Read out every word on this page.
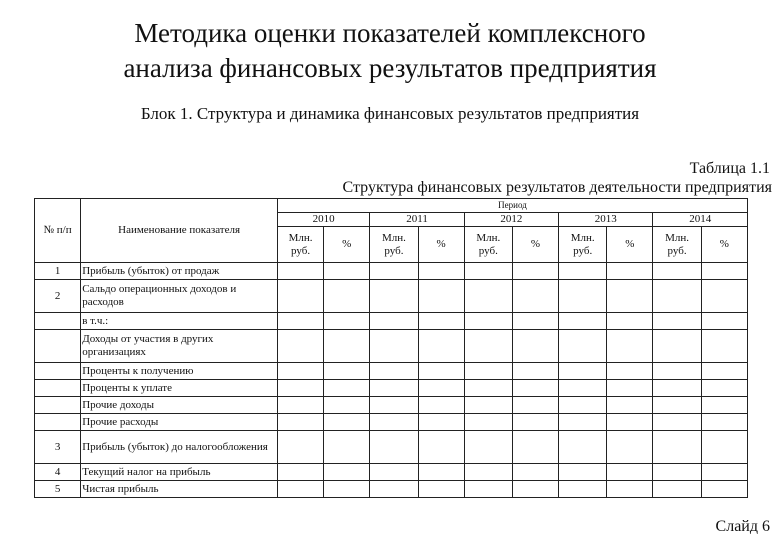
Методика оценки показателей комплексного
анализа финансовых результатов предприятия
Блок 1. Структура и динамика финансовых результатов предприятия
Таблица 1.1
Структура финансовых результатов деятельности предприятия
№ п/п	Наименование показателя	Период									
		2010		2011		2012		2013		2014	
		Млн. руб.	%	Млн. руб.	%	Млн. руб.	%	Млн. руб.	%	Млн. руб.	%
1	Прибыль (убыток) от продаж										
2	Сальдо операционных доходов и расходов										
	в т.ч.:										
	Доходы от участия в других организациях										
	Проценты к получению										
	Проценты к уплате										
	Прочие доходы										
	Прочие расходы										
3	Прибыль (убыток) до налогообложения										
4	Текущий налог на прибыль										
5	Чистая прибыль										
Слайд 6
